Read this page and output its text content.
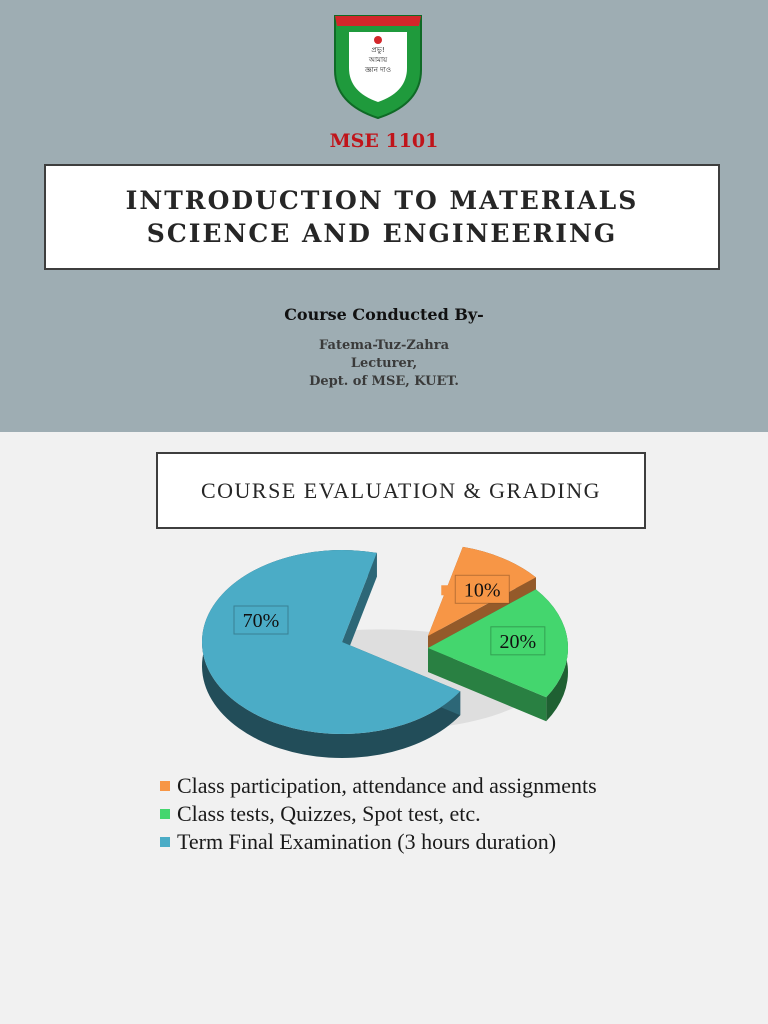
প্রভু!
আমায়
জ্ঞান দাও
MSE 1101
INTRODUCTION TO MATERIALS
SCIENCE AND ENGINEERING
Course Conducted By-
Fatema-Tuz-Zahra
Lecturer,
Dept. of MSE, KUET.
COURSE EVALUATION & GRADING
10%
20%
70%
Class participation, attendance and assignments
Class tests, Quizzes, Spot test, etc.
Term Final Examination (3 hours duration)
